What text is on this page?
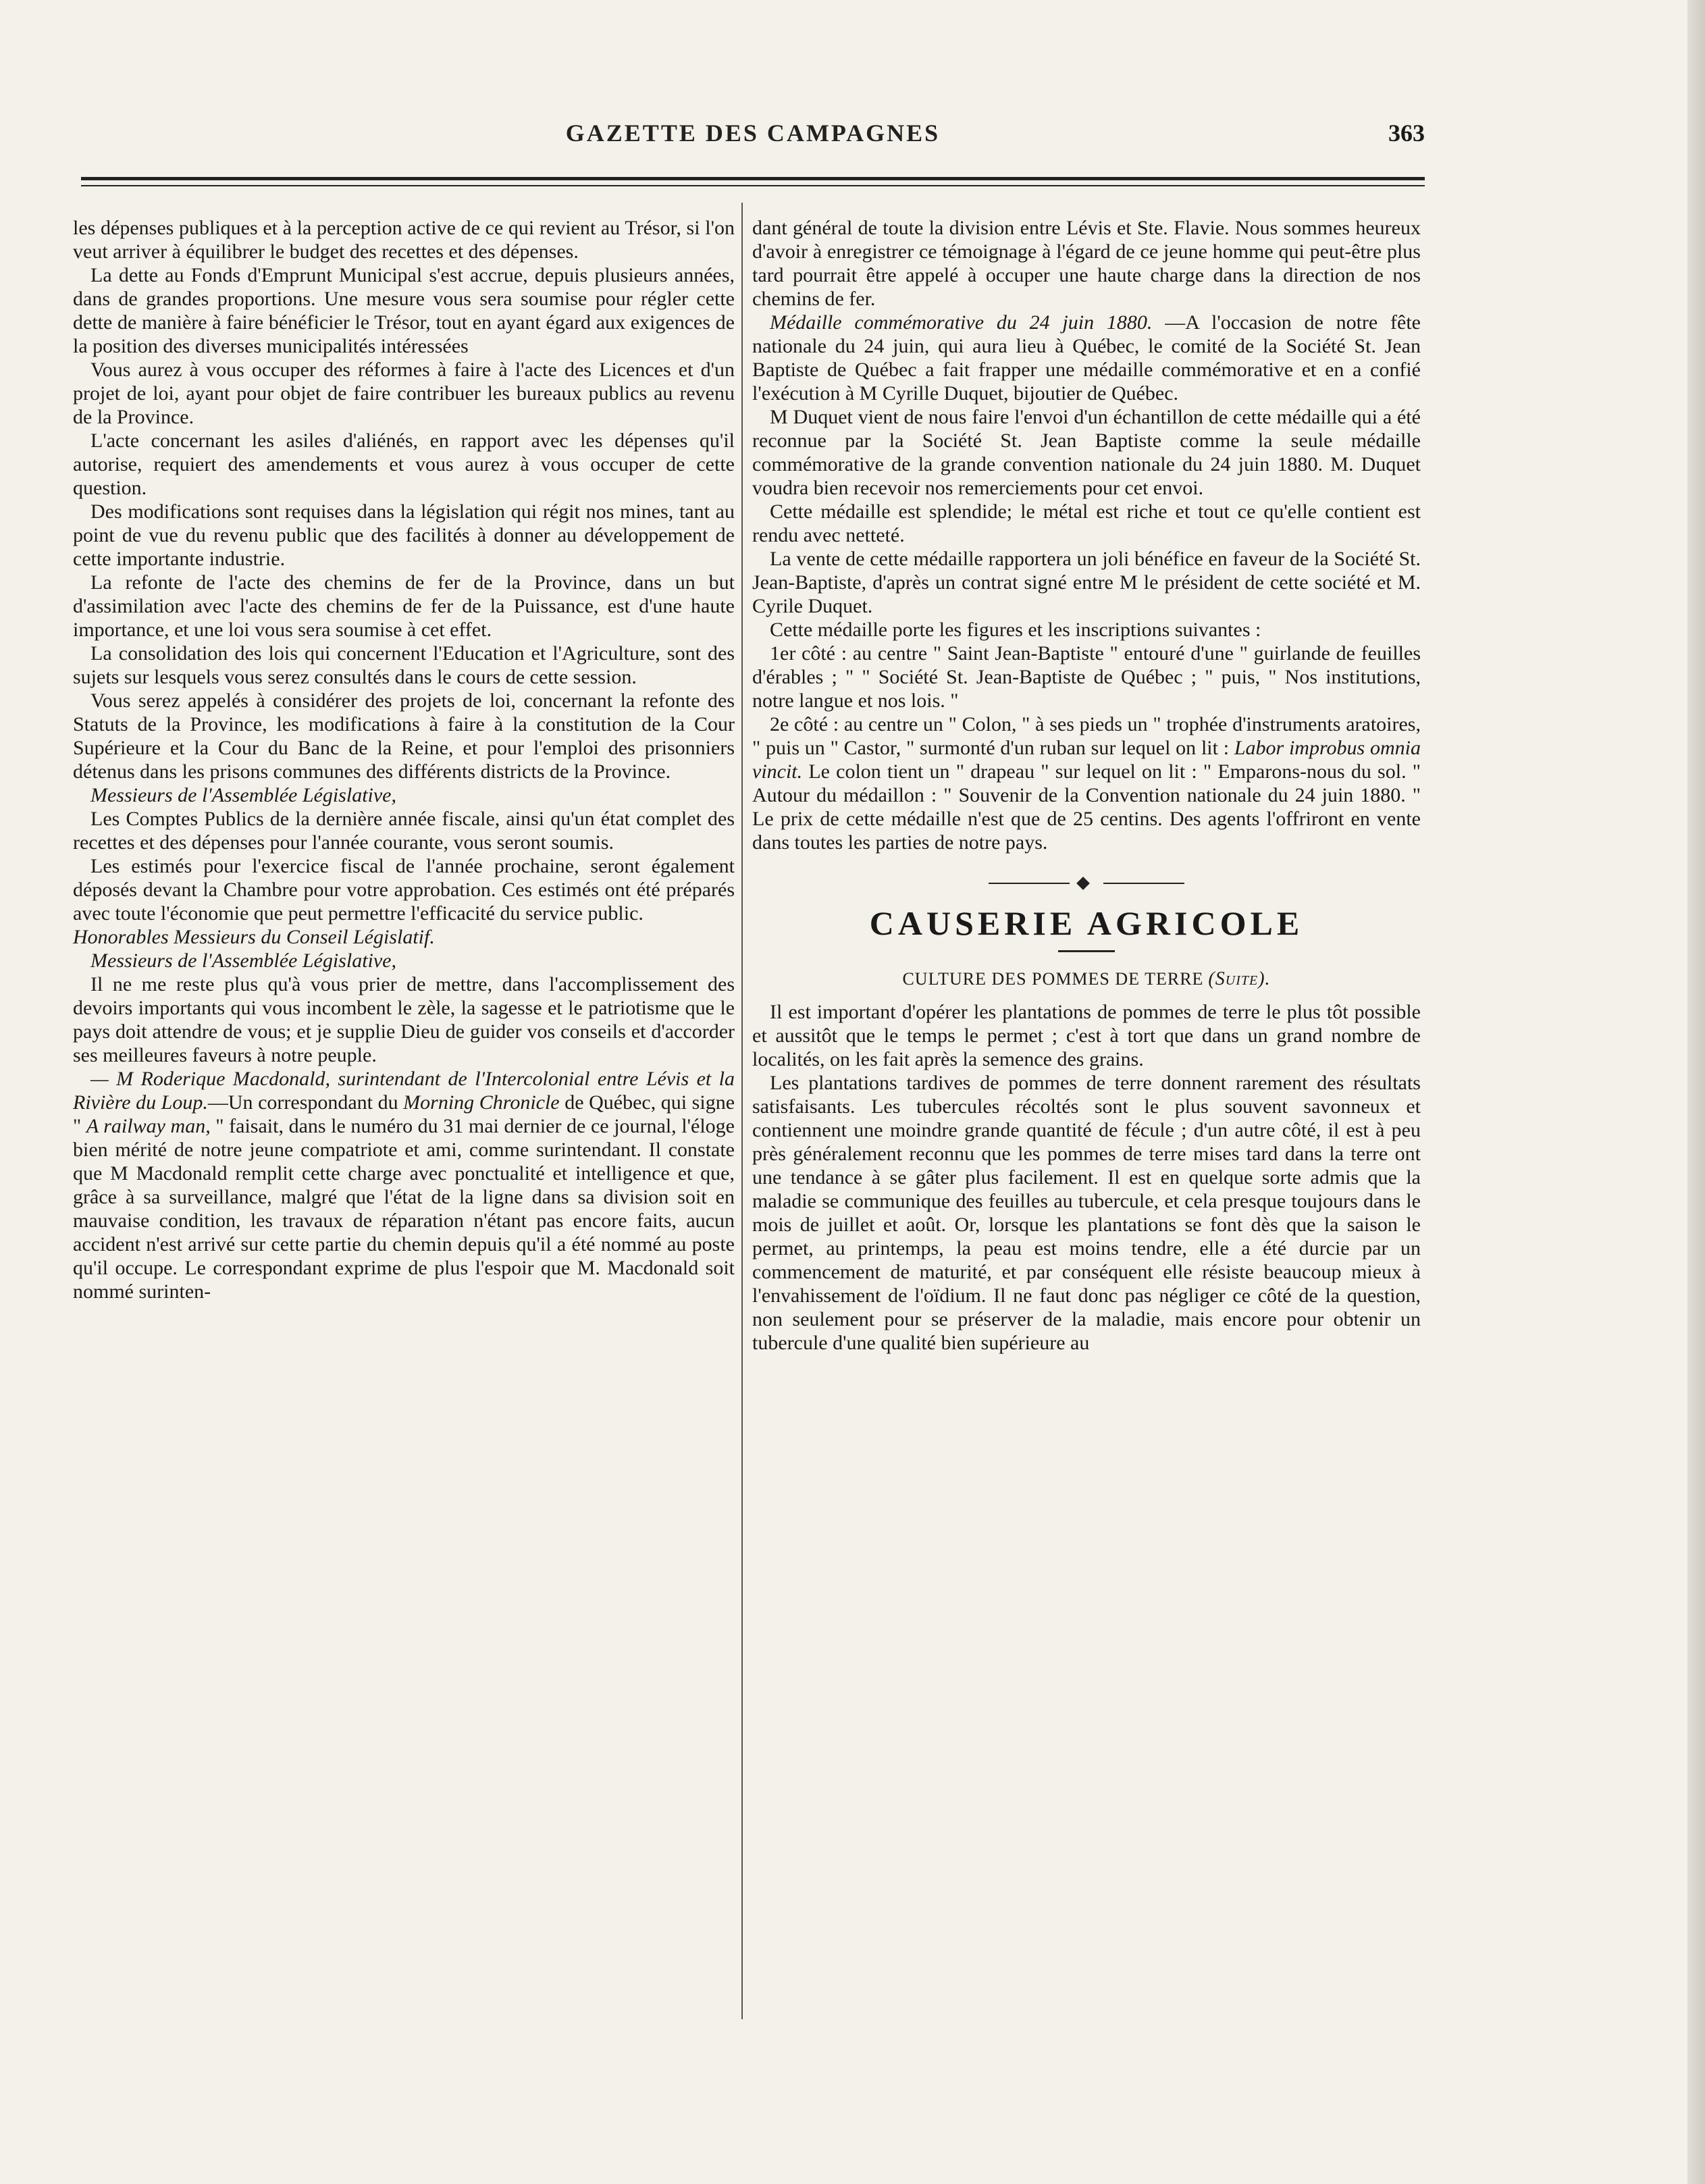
GAZETTE DES CAMPAGNES	363

les dépenses publiques et à la perception active de ce qui revient au Trésor, si l'on veut arriver à équilibrer le budget des recettes et des dépenses.

La dette au Fonds d'Emprunt Municipal s'est accrue, depuis plusieurs années, dans de grandes proportions. Une mesure vous sera soumise pour régler cette dette de manière à faire bénéficier le Trésor, tout en ayant égard aux exigences de la position des diverses municipalités intéressées

Vous aurez à vous occuper des réformes à faire à l'acte des Licences et d'un projet de loi, ayant pour objet de faire contribuer les bureaux publics au revenu de la Province.

L'acte concernant les asiles d'aliénés, en rapport avec les dépenses qu'il autorise, requiert des amendements et vous aurez à vous occuper de cette question.

Des modifications sont requises dans la législation qui régit nos mines, tant au point de vue du revenu public que des facilités à donner au développement de cette importante industrie.

La refonte de l'acte des chemins de fer de la Province, dans un but d'assimilation avec l'acte des chemins de fer de la Puissance, est d'une haute importance, et une loi vous sera soumise à cet effet.

La consolidation des lois qui concernent l'Education et l'Agriculture, sont des sujets sur lesquels vous serez consultés dans le cours de cette session.

Vous serez appelés à considérer des projets de loi, concernant la refonte des Statuts de la Province, les modifications à faire à la constitution de la Cour Supérieure et la Cour du Banc de la Reine, et pour l'emploi des prisonniers détenus dans les prisons communes des différents districts de la Province.

Messieurs de l'Assemblée Législative,

Les Comptes Publics de la dernière année fiscale, ainsi qu'un état complet des recettes et des dépenses pour l'année courante, vous seront soumis.

Les estimés pour l'exercice fiscal de l'année prochaine, seront également déposés devant la Chambre pour votre approbation. Ces estimés ont été préparés avec toute l'économie que peut permettre l'efficacité du service public.

Honorables Messieurs du Conseil Législatif.

Messieurs de l'Assemblée Législative,

Il ne me reste plus qu'à vous prier de mettre, dans l'accomplissement des devoirs importants qui vous incombent le zèle, la sagesse et le patriotisme que le pays doit attendre de vous; et je supplie Dieu de guider vos conseils et d'accorder ses meilleures faveurs à notre peuple.

— M Roderique Macdonald, surintendant de l'Intercolonial entre Lévis et la Rivière du Loup.—Un correspondant du Morning Chronicle de Québec, qui signe " A railway man, " faisait, dans le numéro du 31 mai dernier de ce journal, l'éloge bien mérité de notre jeune compatriote et ami, comme surintendant. Il constate que M Macdonald remplit cette charge avec ponctualité et intelligence et que, grâce à sa surveillance, malgré que l'état de la ligne dans sa division soit en mauvaise condition, les travaux de réparation n'étant pas encore faits, aucun accident n'est arrivé sur cette partie du chemin depuis qu'il a été nommé au poste qu'il occupe. Le correspondant exprime de plus l'espoir que M. Macdonald soit nommé surinten-

dant général de toute la division entre Lévis et Ste. Flavie. Nous sommes heureux d'avoir à enregistrer ce témoignage à l'égard de ce jeune homme qui peut-être plus tard pourrait être appelé à occuper une haute charge dans la direction de nos chemins de fer.

Médaille commémorative du 24 juin 1880. —A l'occasion de notre fête nationale du 24 juin, qui aura lieu à Québec, le comité de la Société St. Jean Baptiste de Québec a fait frapper une médaille commémorative et en a confié l'exécution à M Cyrille Duquet, bijoutier de Québec.

M Duquet vient de nous faire l'envoi d'un échantillon de cette médaille qui a été reconnue par la Société St. Jean Baptiste comme la seule médaille commémorative de la grande convention nationale du 24 juin 1880. M. Duquet voudra bien recevoir nos remerciements pour cet envoi.

Cette médaille est splendide; le métal est riche et tout ce qu'elle contient est rendu avec netteté.

La vente de cette médaille rapportera un joli bénéfice en faveur de la Société St. Jean-Baptiste, d'après un contrat signé entre M le président de cette société et M. Cyrile Duquet.

Cette médaille porte les figures et les inscriptions suivantes :

1er côté : au centre " Saint Jean-Baptiste " entouré d'une " guirlande de feuilles d'érables ; " " Société St. Jean-Baptiste de Québec ; " puis, " Nos institutions, notre langue et nos lois. "

2e côté : au centre un " Colon, " à ses pieds un " trophée d'instruments aratoires, " puis un " Castor, " surmonté d'un ruban sur lequel on lit : Labor improbus omnia vincit. Le colon tient un " drapeau " sur lequel on lit : " Emparons-nous du sol. " Autour du médaillon : " Souvenir de la Convention nationale du 24 juin 1880. " Le prix de cette médaille n'est que de 25 centins. Des agents l'offriront en vente dans toutes les parties de notre pays.

CAUSERIE AGRICOLE
CULTURE DES POMMES DE TERRE (Suite).

Il est important d'opérer les plantations de pommes de terre le plus tôt possible et aussitôt que le temps le permet ; c'est à tort que dans un grand nombre de localités, on les fait après la semence des grains.

Les plantations tardives de pommes de terre donnent rarement des résultats satisfaisants. Les tubercules récoltés sont le plus souvent savonneux et contiennent une moindre grande quantité de fécule ; d'un autre côté, il est à peu près généralement reconnu que les pommes de terre mises tard dans la terre ont une tendance à se gâter plus facilement. Il est en quelque sorte admis que la maladie se communique des feuilles au tubercule, et cela presque toujours dans le mois de juillet et août. Or, lorsque les plantations se font dès que la saison le permet, au printemps, la peau est moins tendre, elle a été durcie par un commencement de maturité, et par conséquent elle résiste beaucoup mieux à l'envahissement de l'oïdium. Il ne faut donc pas négliger ce côté de la question, non seulement pour se préserver de la maladie, mais encore pour obtenir un tubercule d'une qualité bien supérieure au
